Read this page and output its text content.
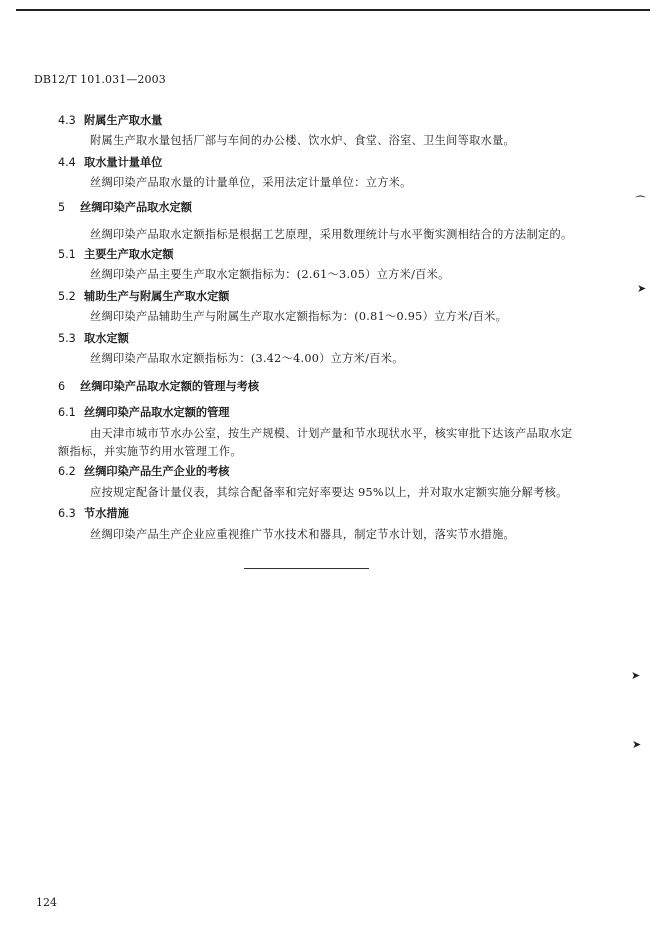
DB12/T 101.031—2003
4.3 附属生产取水量
附属生产取水量包括厂部与车间的办公楼、饮水炉、食堂、浴室、卫生间等取水量。
4.4 取水量计量单位
丝绸印染产品取水量的计量单位，采用法定计量单位：立方米。
5 丝绸印染产品取水定额
丝绸印染产品取水定额指标是根据工艺原理，采用数理统计与水平衡实测相结合的方法制定的。
5.1 主要生产取水定额
丝绸印染产品主要生产取水定额指标为：(2.61～3.05）立方米/百米。
5.2 辅助生产与附属生产取水定额
丝绸印染产品辅助生产与附属生产取水定额指标为：(0.81～0.95）立方米/百米。
5.3 取水定额
丝绸印染产品取水定额指标为：(3.42～4.00）立方米/百米。
6 丝绸印染产品取水定额的管理与考核
6.1 丝绸印染产品取水定额的管理
由天津市城市节水办公室，按生产规模、计划产量和节水现状水平，核实审批下达该产品取水定
额指标，并实施节约用水管理工作。
6.2 丝绸印染产品生产企业的考核
应按规定配备计量仪表，其综合配备率和完好率要达 95%以上，并对取水定额实施分解考核。
6.3 节水措施
丝绸印染产品生产企业应重视推广节水技术和器具，制定节水计划，落实节水措施。
⁀
➤
➤
➤
124
